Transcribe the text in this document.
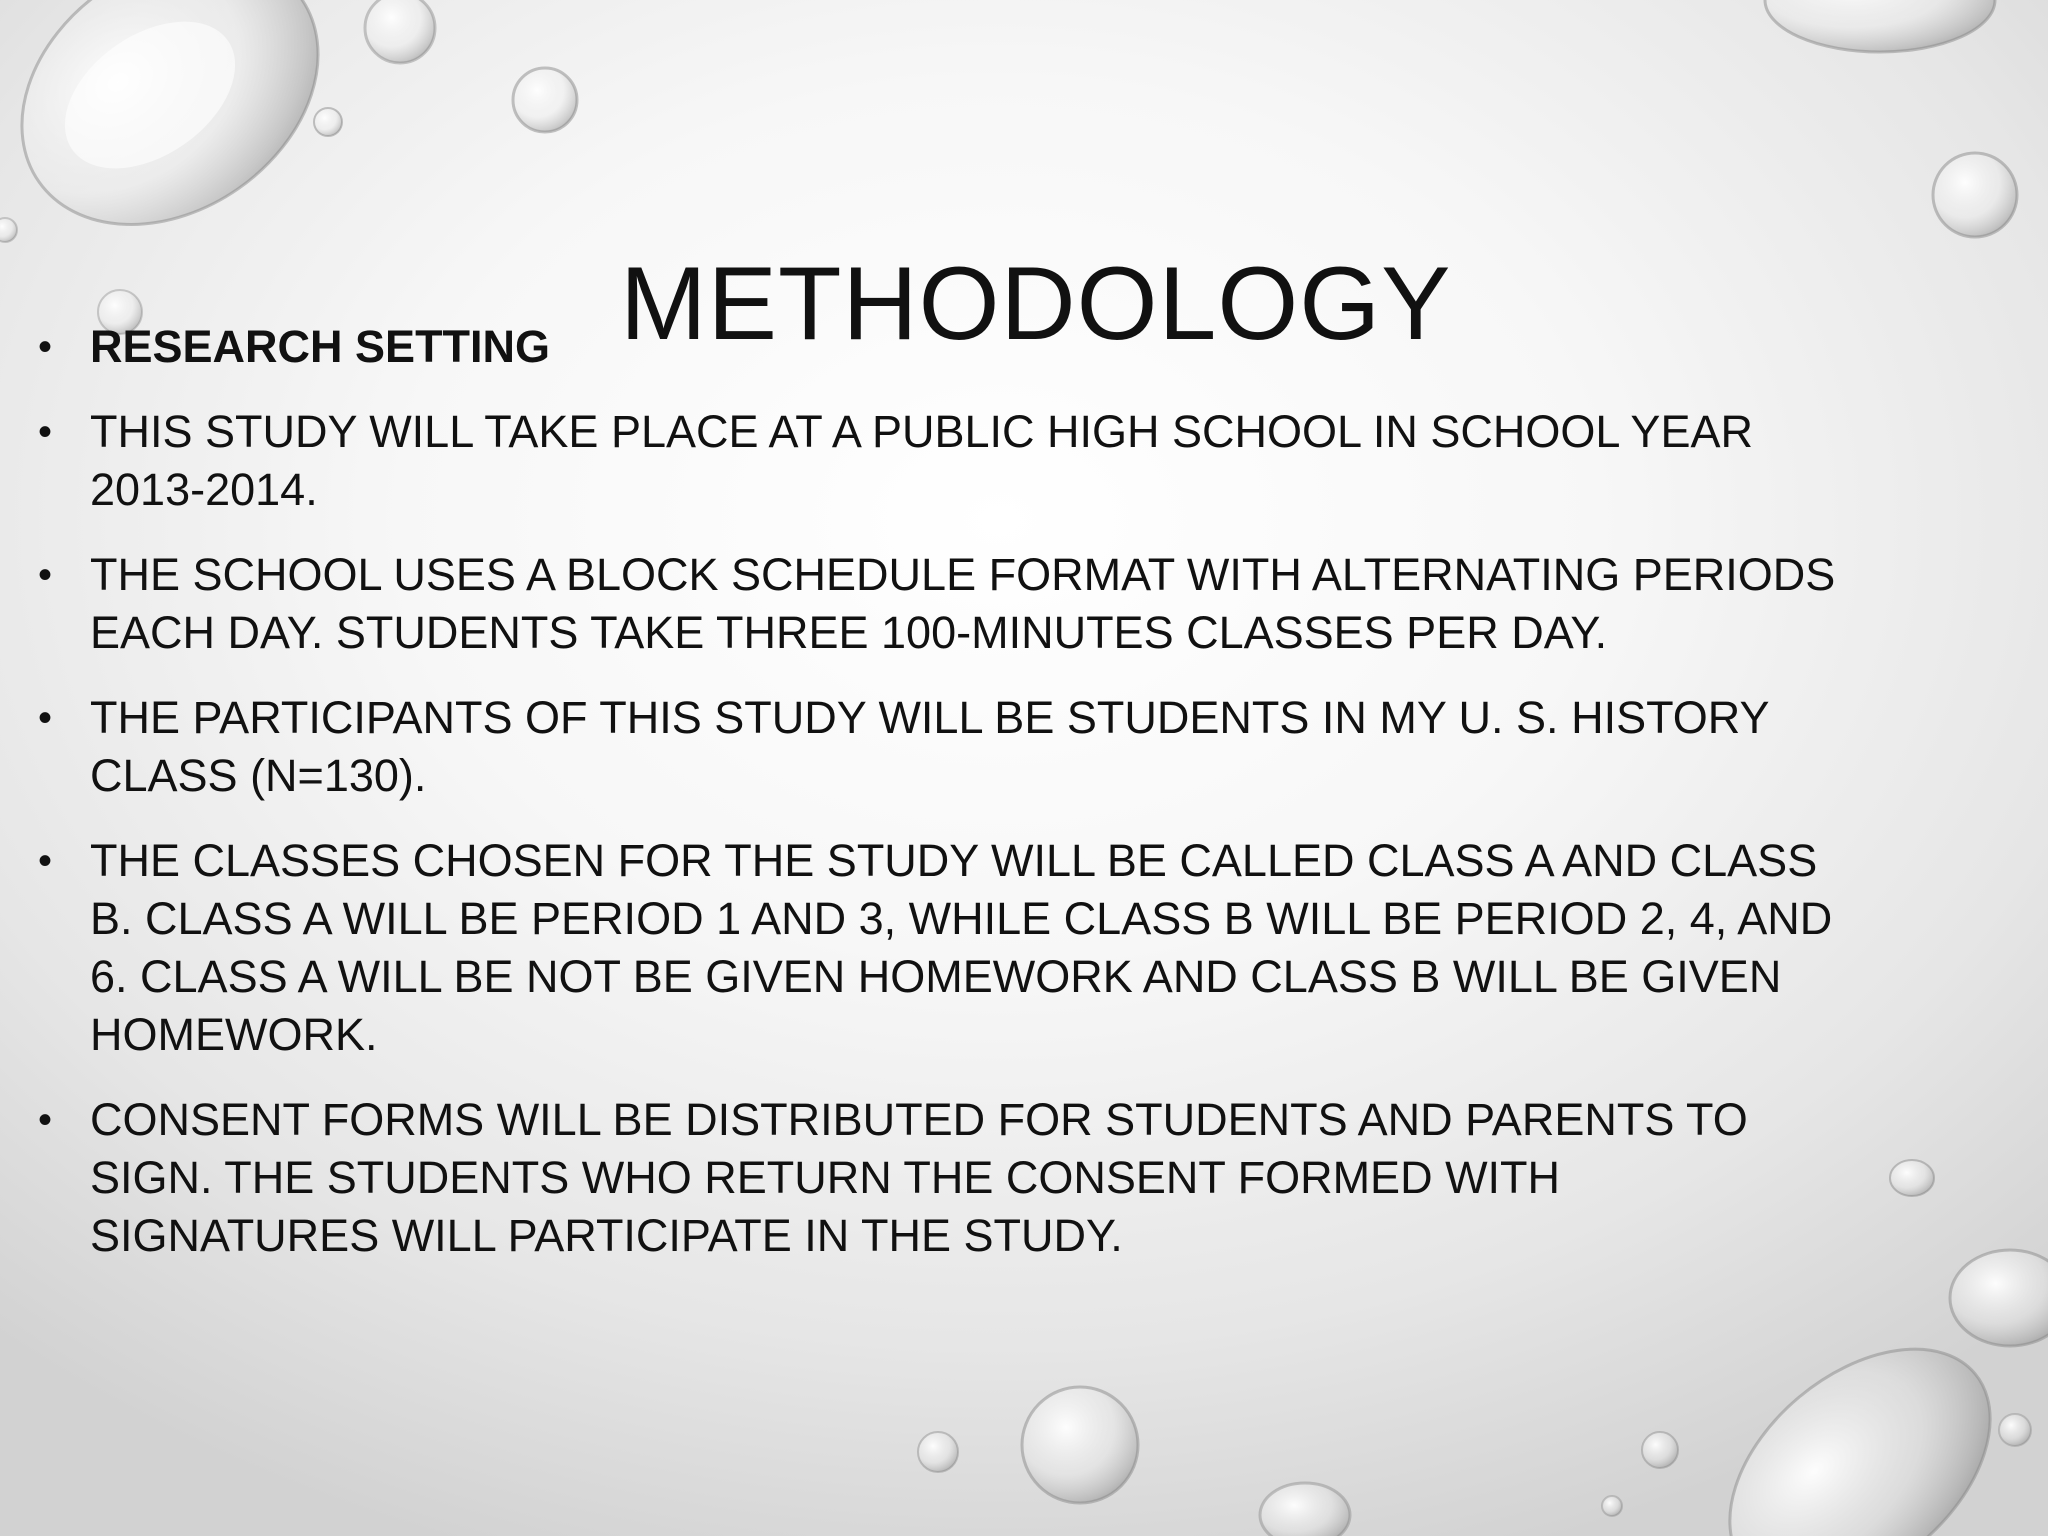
METHODOLOGY
• RESEARCH SETTING
• THIS STUDY WILL TAKE PLACE AT A PUBLIC HIGH SCHOOL IN SCHOOL YEAR 2013-2014.
• THE SCHOOL USES A BLOCK SCHEDULE FORMAT WITH ALTERNATING PERIODS EACH DAY. STUDENTS TAKE THREE 100-MINUTES CLASSES PER DAY.
• THE PARTICIPANTS OF THIS STUDY WILL BE STUDENTS IN MY U. S. HISTORY CLASS (N=130).
• THE CLASSES CHOSEN FOR THE STUDY WILL BE CALLED CLASS A AND CLASS B. CLASS A WILL BE PERIOD 1 AND 3, WHILE CLASS B WILL BE PERIOD 2, 4, AND 6. CLASS A WILL BE NOT BE GIVEN HOMEWORK AND CLASS B WILL BE GIVEN HOMEWORK.
• CONSENT FORMS WILL BE DISTRIBUTED FOR STUDENTS AND PARENTS TO SIGN. THE STUDENTS WHO RETURN THE CONSENT FORMED WITH SIGNATURES WILL PARTICIPATE IN THE STUDY.
